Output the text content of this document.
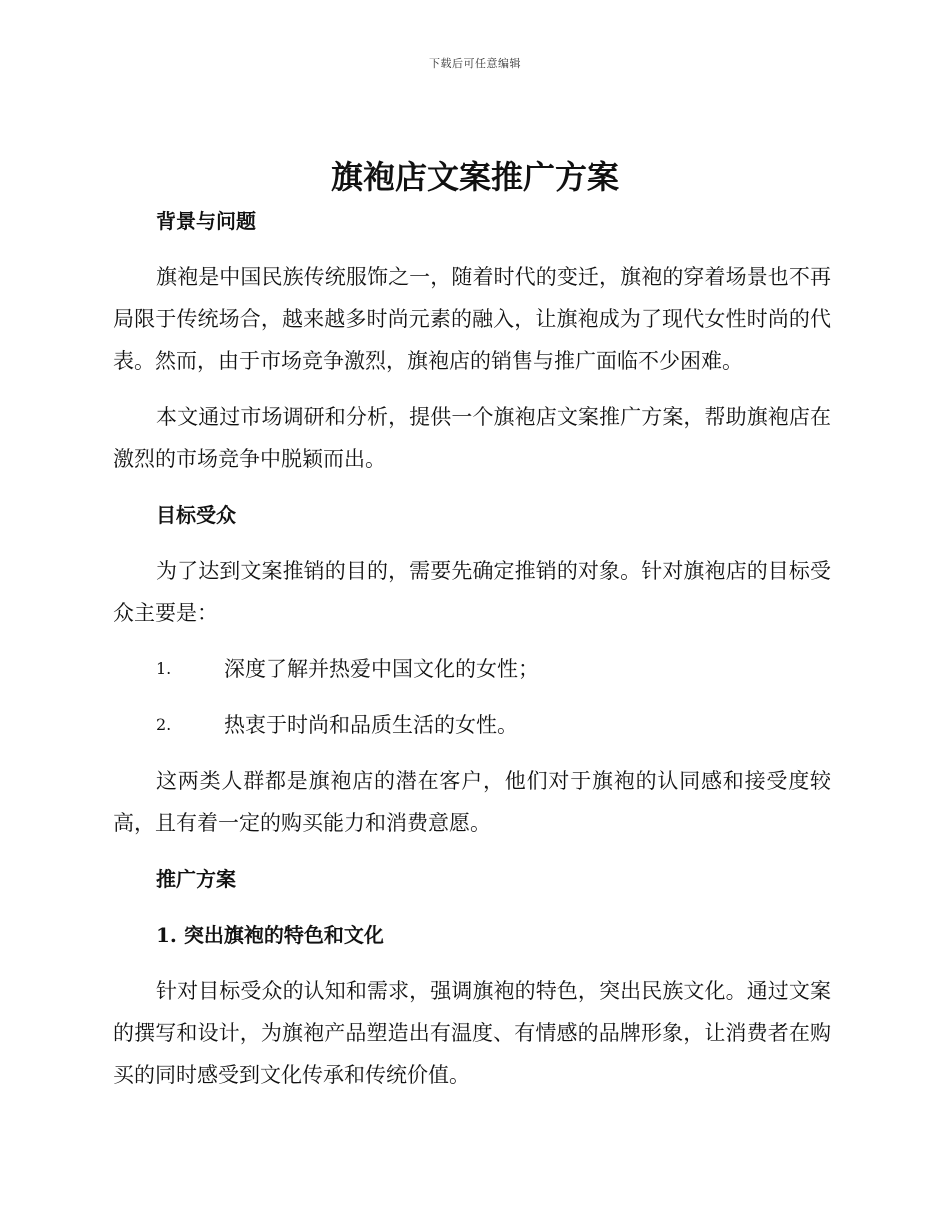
下载后可任意编辑
旗袍店文案推广方案
背景与问题

旗袍是中国民族传统服饰之一，随着时代的变迁，旗袍的穿着场景也不再局限于传统场合，越来越多时尚元素的融入，让旗袍成为了现代女性时尚的代表。然而，由于市场竞争激烈，旗袍店的销售与推广面临不少困难。

本文通过市场调研和分析，提供一个旗袍店文案推广方案，帮助旗袍店在激烈的市场竞争中脱颖而出。

目标受众

为了达到文案推销的目的，需要先确定推销的对象。针对旗袍店的目标受众主要是：

1.	深度了解并热爱中国文化的女性；
2.	热衷于时尚和品质生活的女性。

这两类人群都是旗袍店的潜在客户，他们对于旗袍的认同感和接受度较高，且有着一定的购买能力和消费意愿。

推广方案
1. 突出旗袍的特色和文化

针对目标受众的认知和需求，强调旗袍的特色，突出民族文化。通过文案的撰写和设计，为旗袍产品塑造出有温度、有情感的品牌形象，让消费者在购买的同时感受到文化传承和传统价值。
